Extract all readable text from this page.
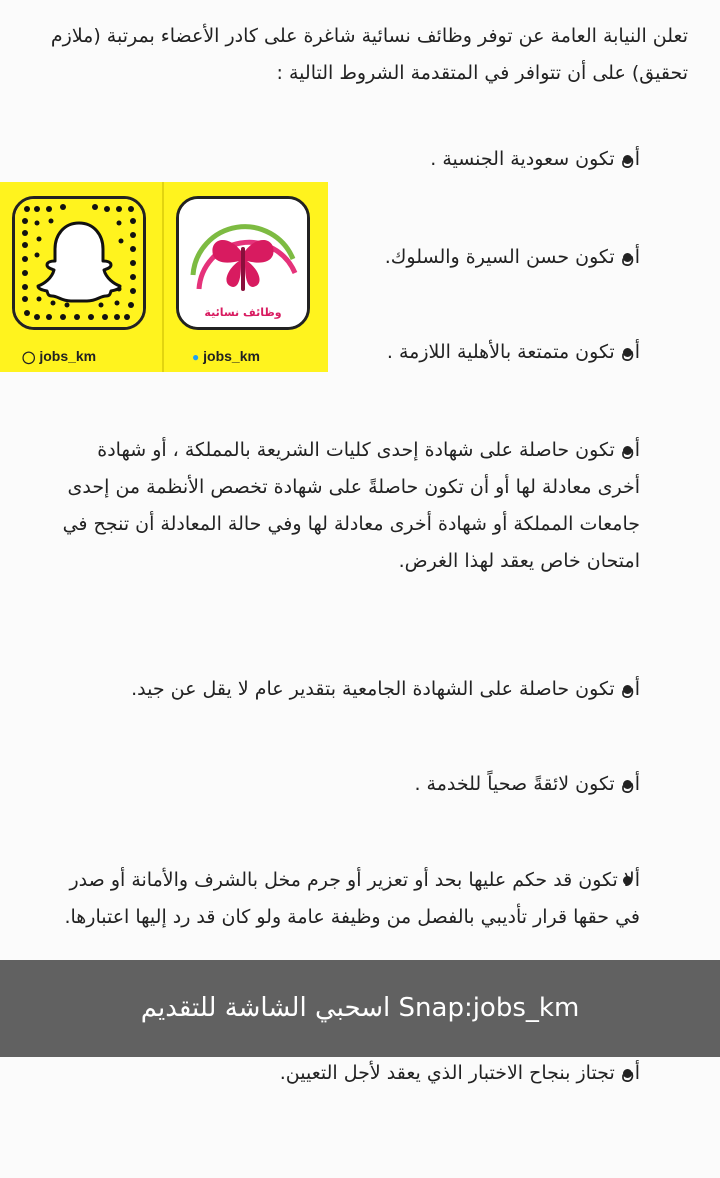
تعلن النيابة العامة عن توفر وظائف نسائية شاغرة على كادر الأعضاء بمرتبة (ملازم تحقيق) على أن تتوافر في المتقدمة الشروط التالية :

أن تكون سعودية الجنسية .

أن تكون حسن السيرة والسلوك.

أن تكون متمتعة بالأهلية اللازمة .

أن تكون حاصلة على شهادة إحدى كليات الشريعة بالمملكة ، أو شهادة أخرى معادلة لها أو أن تكون حاصلةً على شهادة تخصص الأنظمة من إحدى جامعات المملكة أو شهادة أخرى معادلة لها وفي حالة المعادلة أن تنجح في امتحان خاص يعقد لهذا الغرض.

أن تكون حاصلة على الشهادة الجامعية بتقدير عام لا يقل عن جيد.

أن تكون لائقةً صحياً للخدمة .

ألا تكون قد حكم عليها بحد أو تعزير أو جرم مخل بالشرف والأمانة أو صدر في حقها قرار تأديبي بالفصل من وظيفة عامة ولو كان قد رد إليها اعتبارها.

أن تجتاز بنجاح الاختبار الذي يعقد لأجل التعيين.

وظائف نسائية
◯ jobs_km	● jobs_km
اسحبي الشاشة للتقديم Snap:jobs_km
